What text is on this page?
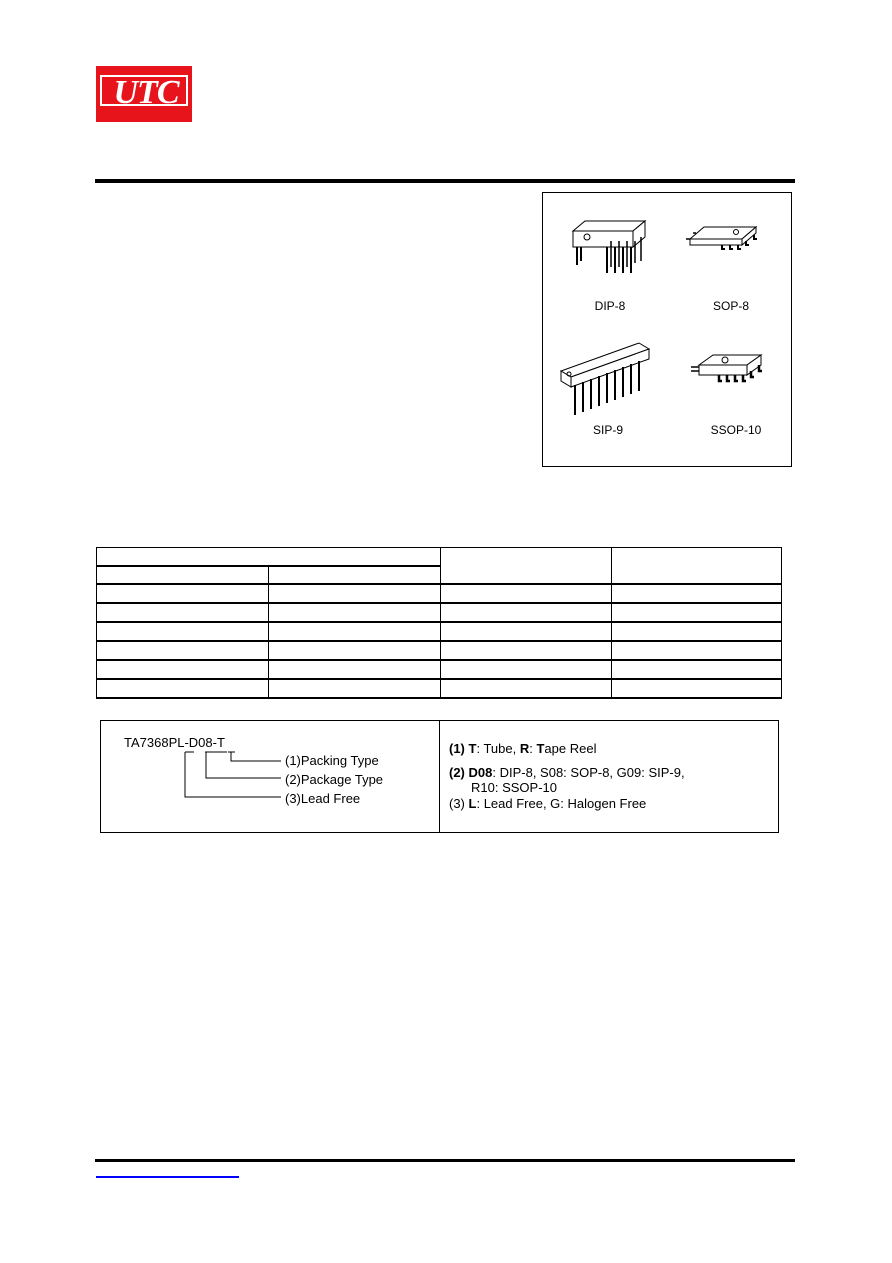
UTC
DIP-8	SOP-8
SIP-9	SSOP-10

TA7368PL-D08-T
(1)Packing Type
(2)Package Type
(3)Lead Free
(1) T: Tube, R: Tape Reel
(2) D08: DIP-8, S08: SOP-8, G09: SIP-9,
R10: SSOP-10
(3) L: Lead Free, G: Halogen Free
